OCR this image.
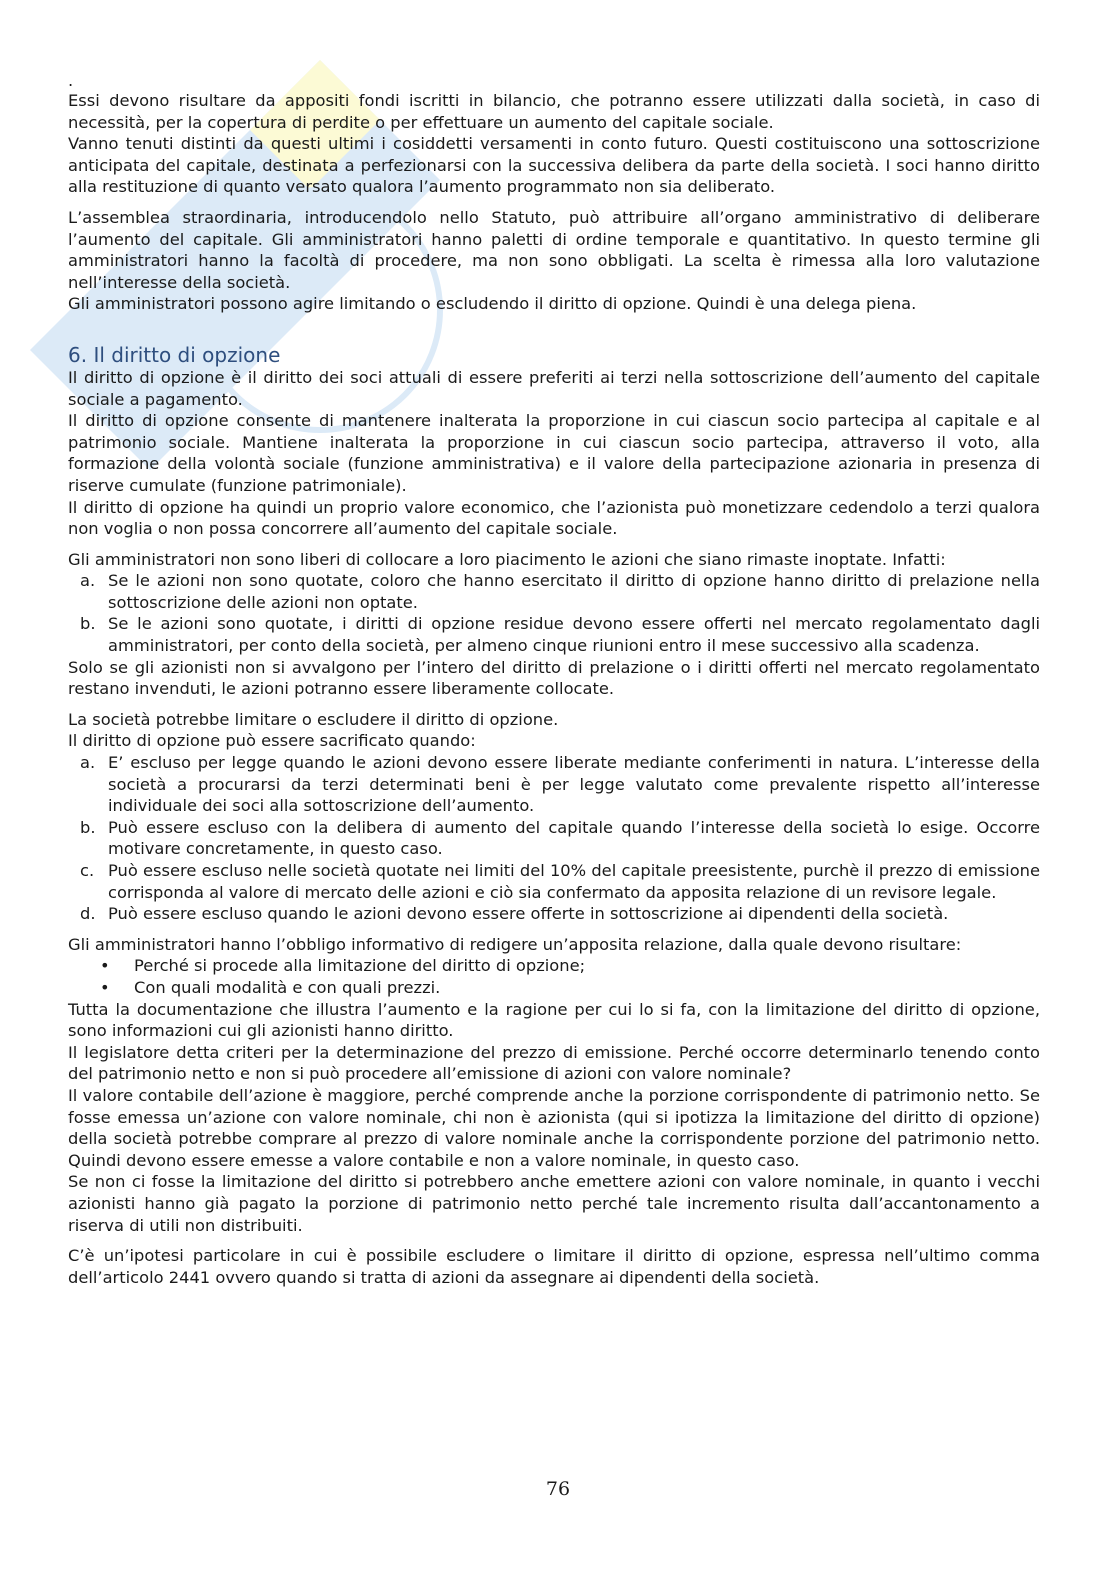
.

Essi devono risultare da appositi fondi iscritti in bilancio, che potranno essere utilizzati dalla società, in caso di necessità, per la copertura di perdite o per effettuare un aumento del capitale sociale.

Vanno tenuti distinti da questi ultimi i cosiddetti versamenti in conto futuro. Questi costituiscono una sottoscrizione anticipata del capitale, destinata a perfezionarsi con la successiva delibera da parte della società. I soci hanno diritto alla restituzione di quanto versato qualora l’aumento programmato non sia deliberato.

L’assemblea straordinaria, introducendolo nello Statuto, può attribuire all’organo amministrativo di deliberare l’aumento del capitale. Gli amministratori hanno paletti di ordine temporale e quantitativo. In questo termine gli amministratori hanno la facoltà di procedere, ma non sono obbligati. La scelta è rimessa alla loro valutazione nell’interesse della società.

Gli amministratori possono agire limitando o escludendo il diritto di opzione. Quindi è una delega piena.

6. Il diritto di opzione

Il diritto di opzione è il diritto dei soci attuali di essere preferiti ai terzi nella sottoscrizione dell’aumento del capitale sociale a pagamento.

Il diritto di opzione consente di mantenere inalterata la proporzione in cui ciascun socio partecipa al capitale e al patrimonio sociale. Mantiene inalterata la proporzione in cui ciascun socio partecipa, attraverso il voto, alla formazione della volontà sociale (funzione amministrativa) e il valore della partecipazione azionaria in presenza di riserve cumulate (funzione patrimoniale).

Il diritto di opzione ha quindi un proprio valore economico, che l’azionista può monetizzare cedendolo a terzi qualora non voglia o non possa concorrere all’aumento del capitale sociale.

Gli amministratori non sono liberi di collocare a loro piacimento le azioni che siano rimaste inoptate. Infatti:

a. Se le azioni non sono quotate, coloro che hanno esercitato il diritto di opzione hanno diritto di prelazione nella sottoscrizione delle azioni non optate.
b. Se le azioni sono quotate, i diritti di opzione residue devono essere offerti nel mercato regolamentato dagli amministratori, per conto della società, per almeno cinque riunioni entro il mese successivo alla scadenza.

Solo se gli azionisti non si avvalgono per l’intero del diritto di prelazione o i diritti offerti nel mercato regolamentato restano invenduti, le azioni potranno essere liberamente collocate.

La società potrebbe limitare o escludere il diritto di opzione.

Il diritto di opzione può essere sacrificato quando:

a. E’ escluso per legge quando le azioni devono essere liberate mediante conferimenti in natura. L’interesse della società a procurarsi da terzi determinati beni è per legge valutato come prevalente rispetto all’interesse individuale dei soci alla sottoscrizione dell’aumento.
b. Può essere escluso con la delibera di aumento del capitale quando l’interesse della società lo esige. Occorre motivare concretamente, in questo caso.
c. Può essere escluso nelle società quotate nei limiti del 10% del capitale preesistente, purchè il prezzo di emissione corrisponda al valore di mercato delle azioni e ciò sia confermato da apposita relazione di un revisore legale.
d. Può essere escluso quando le azioni devono essere offerte in sottoscrizione ai dipendenti della società.

Gli amministratori hanno l’obbligo informativo di redigere un’apposita relazione, dalla quale devono risultare:

• Perché si procede alla limitazione del diritto di opzione;
• Con quali modalità e con quali prezzi.

Tutta la documentazione che illustra l’aumento e la ragione per cui lo si fa, con la limitazione del diritto di opzione, sono informazioni cui gli azionisti hanno diritto.

Il legislatore detta criteri per la determinazione del prezzo di emissione. Perché occorre determinarlo tenendo conto del patrimonio netto e non si può procedere all’emissione di azioni con valore nominale?

Il valore contabile dell’azione è maggiore, perché comprende anche la porzione corrispondente di patrimonio netto. Se fosse emessa un’azione con valore nominale, chi non è azionista (qui si ipotizza la limitazione del diritto di opzione) della società potrebbe comprare al prezzo di valore nominale anche la corrispondente porzione del patrimonio netto. Quindi devono essere emesse a valore contabile e non a valore nominale, in questo caso.

Se non ci fosse la limitazione del diritto si potrebbero anche emettere azioni con valore nominale, in quanto i vecchi azionisti hanno già pagato la porzione di patrimonio netto perché tale incremento risulta dall’accantonamento a riserva di utili non distribuiti.

C’è un’ipotesi particolare in cui è possibile escludere o limitare il diritto di opzione, espressa nell’ultimo comma dell’articolo 2441 ovvero quando si tratta di azioni da assegnare ai dipendenti della società.

76
